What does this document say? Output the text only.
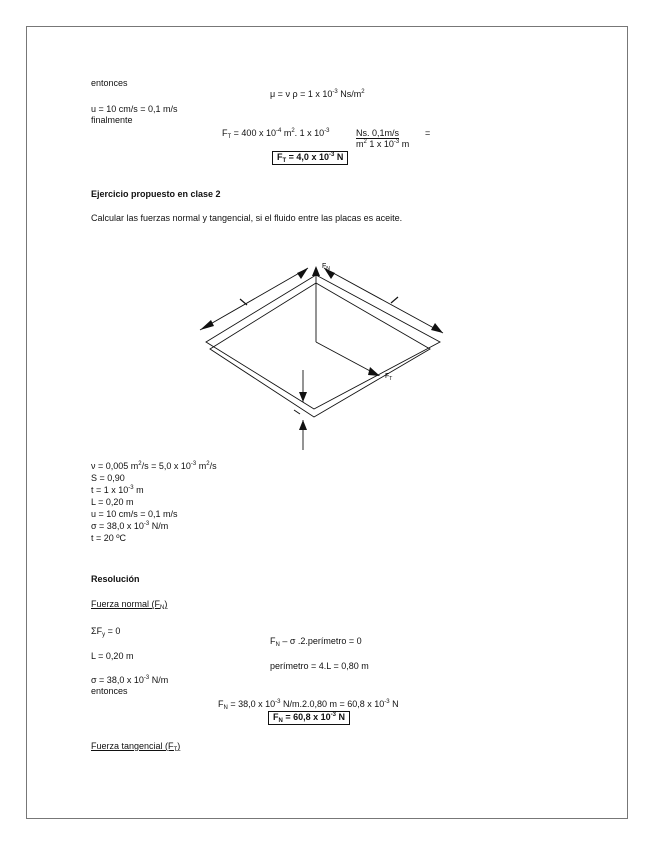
entonces
μ = ν ρ = 1 x $10^{-3}$ $Ns/m^2$
u = 10 cm/s = 0,1 m/s
finalmente
$F_T = 400$ x $10^{-4}$ $m^2$. 1 x $10^{-3}$	Ns. 0,1m/s	=
$m^2$ 1 x $10^{-3}$ m
$F_T = 4,0$ x $10^{-3}$ N
Ejercicio propuesto en clase 2
Calcular las fuerzas normal y tangencial, si el fluido entre las placas es aceite.
$F_N$
$F_T$
ν = 0,005 $m^2/s = 5,0$ x $10^{-3}$ $m^2/s$
S = 0,90
t = 1 x $10^{-3}$ m
L = 0,20 m
u = 10 cm/s = 0,1 m/s
σ = 38,0 x $10^{-3}$ N/m
t = 20 ºC
Resolución
Fuerza normal $(F_N)$
$\Sigma F_y = 0$
$F_N$ – σ .2.perímetro = 0
L = 0,20 m
perímetro = 4.L = 0,80 m
σ = 38,0 x $10^{-3}$ N/m
entonces
$F_N = 38,0$ x $10^{-3}$ N/m.2.0,80 m = 60,8 x $10^{-3}$ N
$F_N = 60,8$ x $10^{-3}$ N
Fuerza tangencial $(F_T)$
